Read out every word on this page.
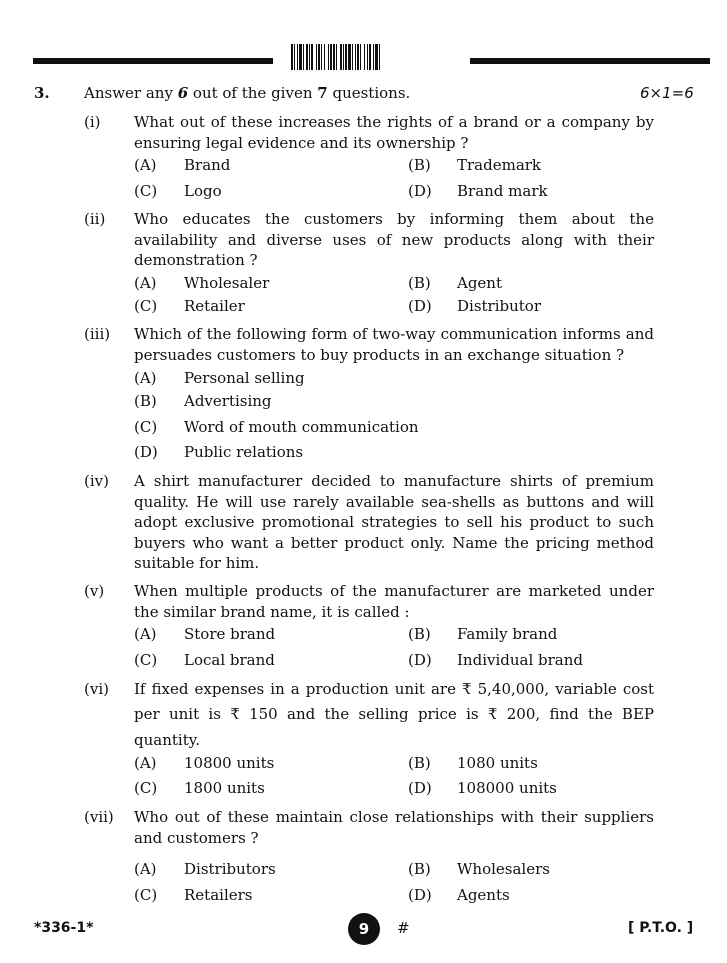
3. Answer any 6 out of the given 7 questions.	6×1=6
(i) What out of these increases the rights of a brand or a company by ensuring legal evidence and its ownership ?
(A) Brand	(B) Trademark
(C) Logo	(D) Brand mark
(ii) Who educates the customers by informing them about the availability and diverse uses of new products along with their demonstration ?
(A) Wholesaler	(B) Agent
(C) Retailer	(D) Distributor
(iii) Which of the following form of two-way communication informs and persuades customers to buy products in an exchange situation ?
(A) Personal selling
(B) Advertising
(C) Word of mouth communication
(D) Public relations
(iv) A shirt manufacturer decided to manufacture shirts of premium quality. He will use rarely available sea-shells as buttons and will adopt exclusive promotional strategies to sell his product to such buyers who want a better product only. Name the pricing method suitable for him.
(v) When multiple products of the manufacturer are marketed under the similar brand name, it is called :
(A) Store brand	(B) Family brand
(C) Local brand	(D) Individual brand
(vi) If fixed expenses in a production unit are ₹ 5,40,000, variable cost
per unit is ₹ 150 and the selling price is ₹ 200, find the BEP
quantity.
(A) 10800 units	(B) 1080 units
(C) 1800 units	(D) 108000 units
(vii) Who out of these maintain close relationships with their suppliers and customers ?
(A) Distributors	(B) Wholesalers
(C) Retailers	(D) Agents
*336-1*	9	#	[ P.T.O. ]
